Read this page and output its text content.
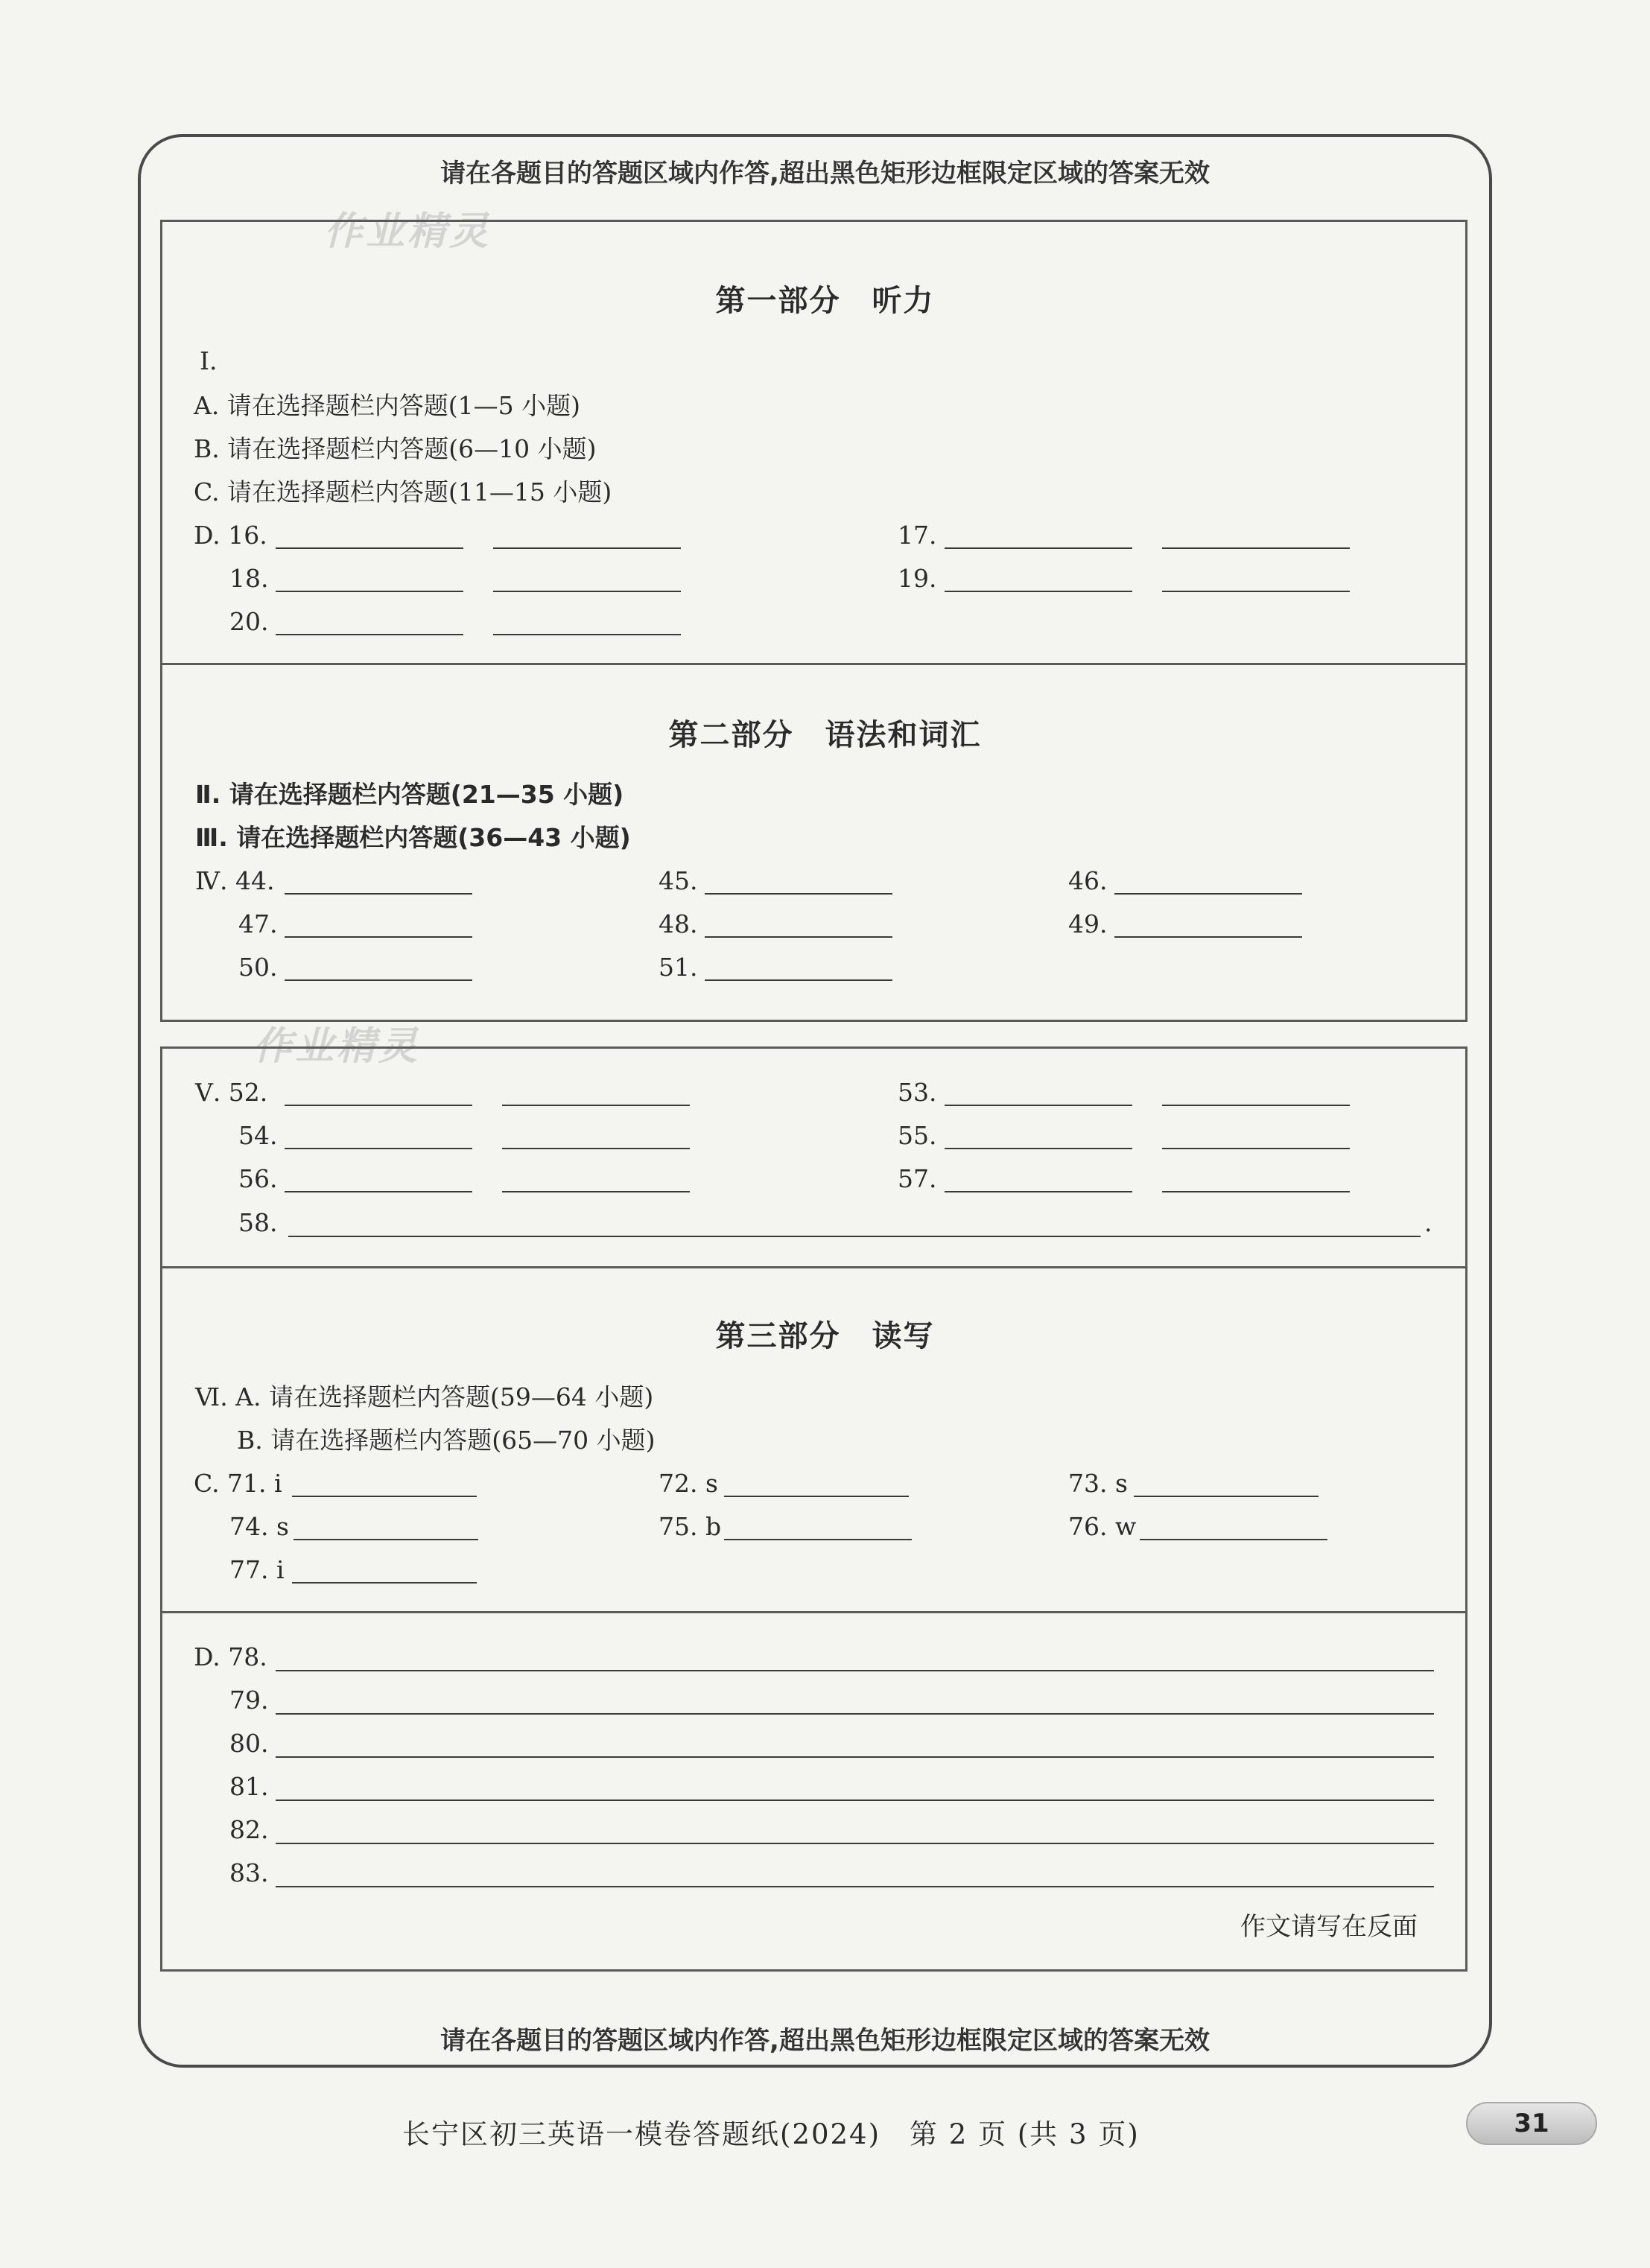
请在各题目的答题区域内作答,超出黑色矩形边框限定区域的答案无效
作业精灵
作业精灵
第一部分　听力
Ⅰ.
A. 请在选择题栏内答题(1—5 小题)
B. 请在选择题栏内答题(6—10 小题)
C. 请在选择题栏内答题(11—15 小题)
D. 16.	17.
18.	19.
20.
第二部分　语法和词汇
Ⅱ. 请在选择题栏内答题(21—35 小题)
Ⅲ. 请在选择题栏内答题(36—43 小题)
Ⅳ. 44.	45.	46.
47.	48.	49.
50.	51.
Ⅴ. 52.	53.
54.	55.
56.	57.
58.	.
第三部分　读写
Ⅵ. A. 请在选择题栏内答题(59—64 小题)
B. 请在选择题栏内答题(65—70 小题)
C. 71. i	72. s	73. s
74. s	75. b	76. w
77. i
D. 78.
79.
80.
81.
82.
83.
作文请写在反面
请在各题目的答题区域内作答,超出黑色矩形边框限定区域的答案无效
长宁区初三英语一模卷答题纸(2024)　第 2 页 (共 3 页)	31
